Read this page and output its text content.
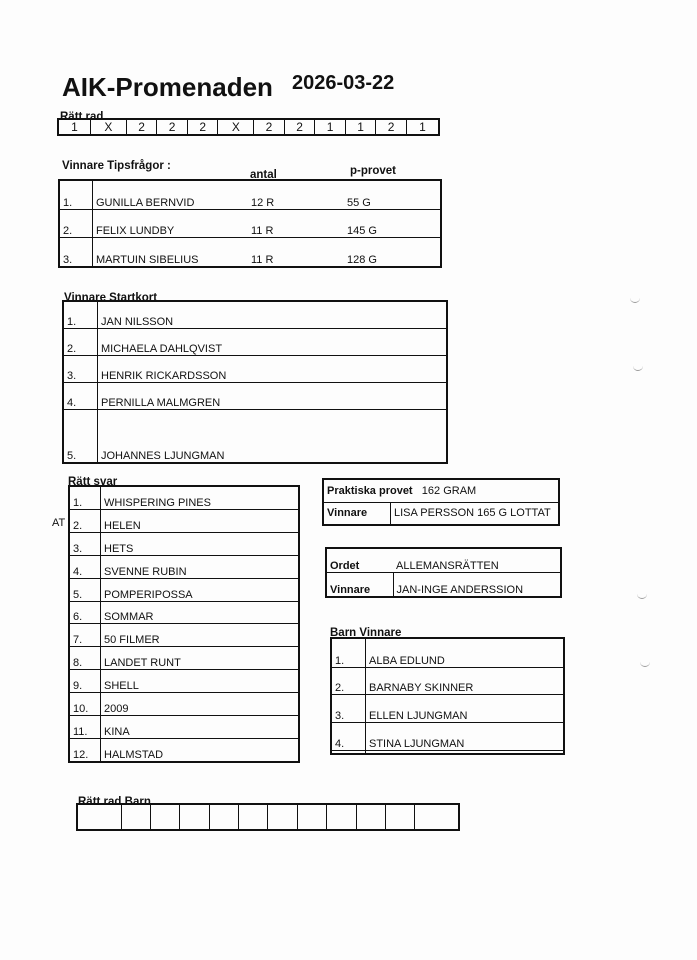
AIK-Promenaden 2026-03-22
Rätt rad
1	X	2	2	2	X	2	2	1	1	2	1
Vinnare Tipsfrågor :
antal	p-provet
1.	GUNILLA BERNVID	12 R	55 G
2.	FELIX LUNDBY	11 R	145 G
3.	MARTUIN SIBELIUS	11 R	128 G
Vinnare Startkort
1.	JAN NILSSON
2.	MICHAELA DAHLQVIST
3.	HENRIK RICKARDSSON
4.	PERNILLA MALMGREN
5.	JOHANNES LJUNGMAN
Rätt svar
AT
1.	WHISPERING PINES
2.	HELEN
3.	HETS
4.	SVENNE RUBIN
5.	POMPERIPOSSA
6.	SOMMAR
7.	50 FILMER
8.	LANDET RUNT
9.	SHELL
10.	2009
11.	KINA
12.	HALMSTAD
Praktiska provet 162 GRAM
Vinnare	LISA PERSSON 165 G LOTTAT
Ordet	ALLEMANSRÄTTEN
Vinnare	JAN-INGE ANDERSSION
Barn Vinnare
1.	ALBA EDLUND
2.	BARNABY SKINNER
3.	ELLEN LJUNGMAN
4.	STINA LJUNGMAN

Rätt rad Barn
